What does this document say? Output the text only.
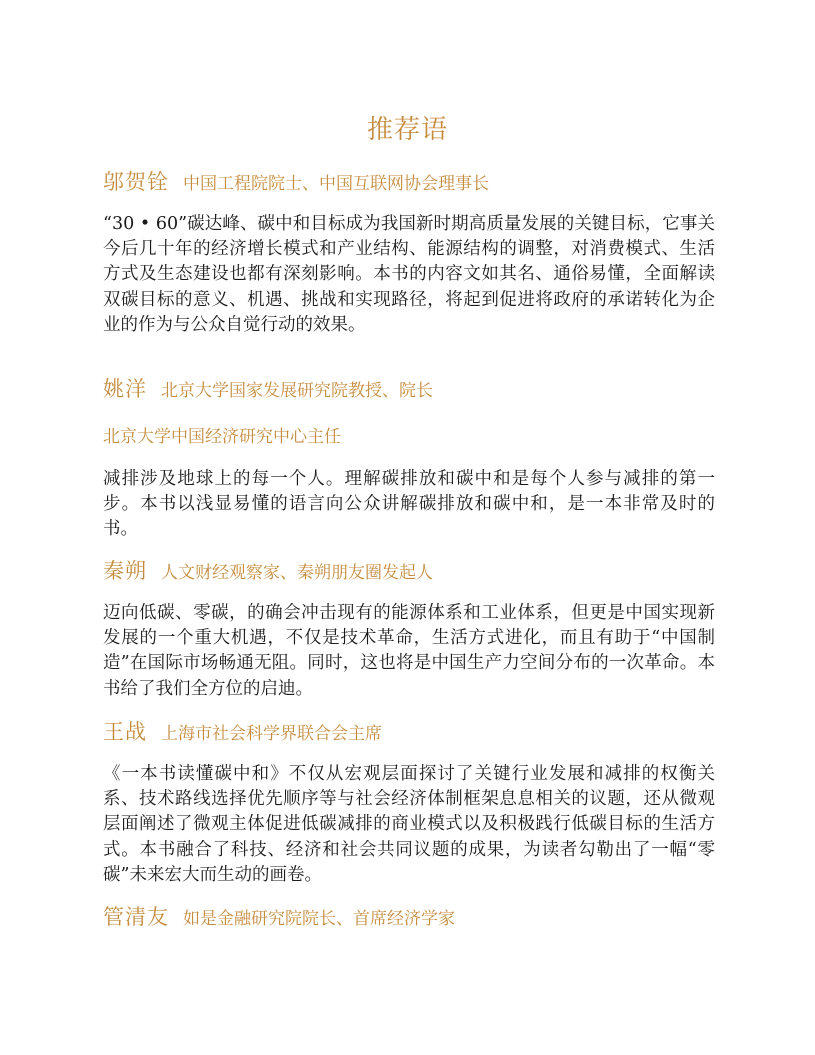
推荐语
邬贺铨 中国工程院院士、中国互联网协会理事长

“30 • 60”碳达峰、碳中和目标成为我国新时期高质量发展的关键目标，它事关今后几十年的经济增长模式和产业结构、能源结构的调整，对消费模式、生活方式及生态建设也都有深刻影响。本书的内容文如其名、通俗易懂，全面解读双碳目标的意义、机遇、挑战和实现路径，将起到促进将政府的承诺转化为企业的作为与公众自觉行动的效果。

姚洋 北京大学国家发展研究院教授、院长
北京大学中国经济研究中心主任

减排涉及地球上的每一个人。理解碳排放和碳中和是每个人参与减排的第一步。本书以浅显易懂的语言向公众讲解碳排放和碳中和，是一本非常及时的书。

秦朔 人文财经观察家、秦朔朋友圈发起人

迈向低碳、零碳，的确会冲击现有的能源体系和工业体系，但更是中国实现新发展的一个重大机遇，不仅是技术革命，生活方式进化，而且有助于“中国制造”在国际市场畅通无阻。同时，这也将是中国生产力空间分布的一次革命。本书给了我们全方位的启迪。

王战 上海市社会科学界联合会主席

《一本书读懂碳中和》不仅从宏观层面探讨了关键行业发展和减排的权衡关系、技术路线选择优先顺序等与社会经济体制框架息息相关的议题，还从微观层面阐述了微观主体促进低碳减排的商业模式以及积极践行低碳目标的生活方式。本书融合了科技、经济和社会共同议题的成果，为读者勾勒出了一幅“零碳”未来宏大而生动的画卷。

管清友 如是金融研究院院长、首席经济学家
